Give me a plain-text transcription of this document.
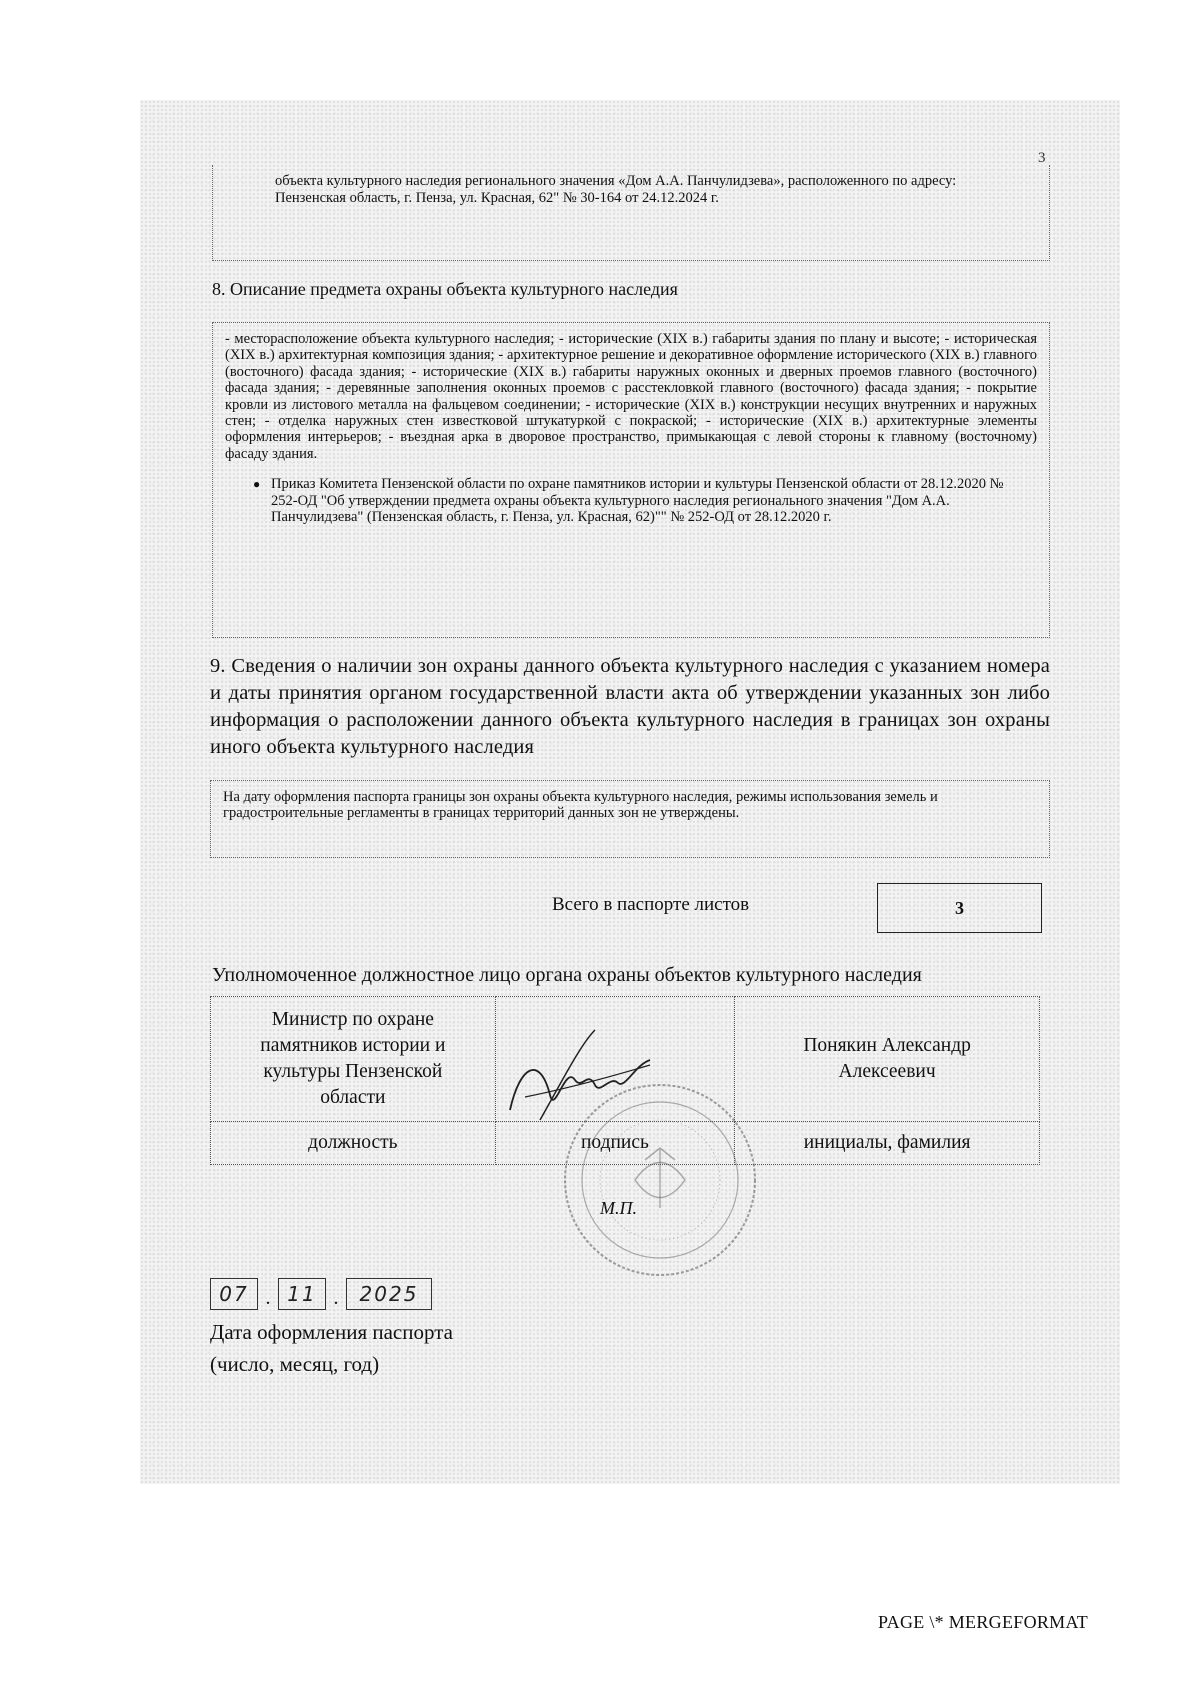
3
объекта культурного наследия регионального значения «Дом А.А. Панчулидзева», расположенного по адресу: Пензенская область, г. Пенза, ул. Красная, 62" № 30-164 от 24.12.2024 г.
8. Описание предмета охраны объекта культурного наследия
- месторасположение объекта культурного наследия; - исторические (XIX в.) габариты здания по плану и высоте; - историческая (XIX в.) архитектурная композиция здания; - архитектурное решение и декоративное оформление исторического (XIX в.) главного (восточного) фасада здания; - исторические (XIX в.) габариты наружных оконных и дверных проемов главного (восточного) фасада здания; - деревянные заполнения оконных проемов с расстекловкой главного (восточного) фасада здания; - покрытие кровли из листового металла на фальцевом соединении; - исторические (XIX в.) конструкции несущих внутренних и наружных стен; - отделка наружных стен известковой штукатуркой с покраской; - исторические (XIX в.) архитектурные элементы оформления интерьеров; - въездная арка в дворовое пространство, примыкающая с левой стороны к главному (восточному) фасаду здания.
● Приказ Комитета Пензенской области по охране памятников истории и культуры Пензенской области от 28.12.2020 № 252-ОД "Об утверждении предмета охраны объекта культурного наследия регионального значения "Дом А.А. Панчулидзева" (Пензенская область, г. Пенза, ул. Красная, 62)"" № 252-ОД от 28.12.2020 г.
9. Сведения о наличии зон охраны данного объекта культурного наследия с указанием номера и даты принятия органом государственной власти акта об утверждении указанных зон либо информация о расположении данного объекта культурного наследия в границах зон охраны иного объекта культурного наследия
На дату оформления паспорта границы зон охраны объекта культурного наследия, режимы использования земель и градостроительные регламенты в границах территорий данных зон не утверждены.
Всего в паспорте листов	3
Уполномоченное должностное лицо органа охраны объектов культурного наследия
Министр по охране памятников истории и культуры Пензенской области		Понякин Александр Алексеевич
должность	подпись	инициалы, фамилия
М.П.
07 . 11 .	2025
Дата оформления паспорта
(число, месяц, год)
PAGE \* MERGEFORMAT
